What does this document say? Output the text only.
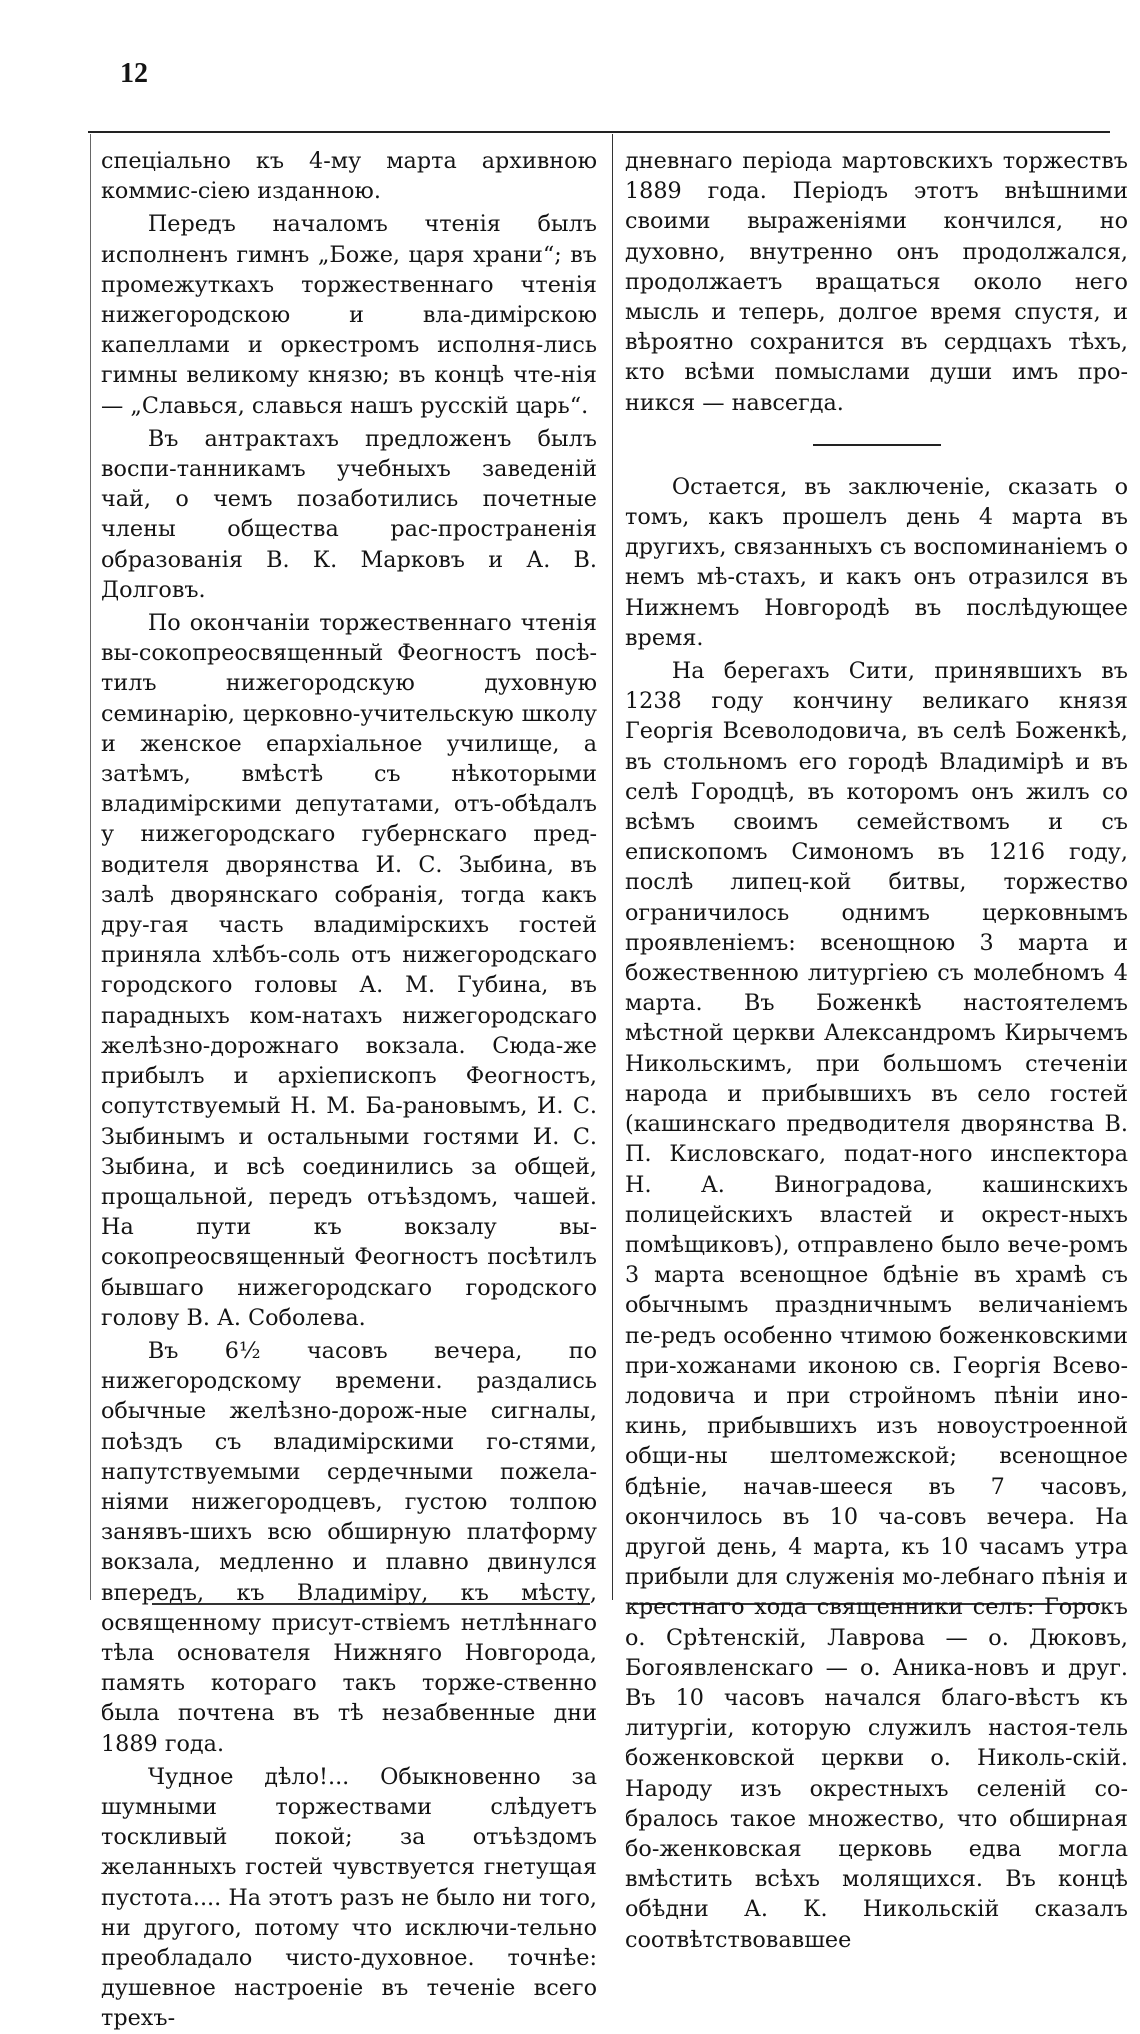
12

спеціально къ 4-му марта архивною коммис-сіею изданною.

Передъ началомъ чтенія былъ исполненъ гимнъ „Боже, царя храни“; въ промежуткахъ торжественнаго чтенія нижегородскою и вла-димірскою капеллами и оркестромъ исполня-лись гимны великому князю; въ концѣ чте-нія — „Славься, славься нашъ русскій царь“.

Въ антрактахъ предложенъ былъ воспи-танникамъ учебныхъ заведеній чай, о чемъ позаботились почетные члены общества рас-пространенія образованія В. К. Марковъ и А. В. Долговъ.

По окончаніи торжественнаго чтенія вы-сокопреосвященный Феогностъ посѣ-тилъ нижегородскую духовную семинарію, церковно-учительскую школу и женское епархіальное училище, а затѣмъ, вмѣстѣ съ нѣкоторыми владимірскими депутатами, отъ-обѣдалъ у нижегородскаго губернскаго пред-водителя дворянства И. С. Зыбина, въ залѣ дворянскаго собранія, тогда какъ дру-гая часть владимірскихъ гостей приняла хлѣбъ-соль отъ нижегородскаго городского головы А. М. Губина, въ парадныхъ ком-натахъ нижегородскаго желѣзно-дорожнаго вокзала. Сюда-же прибылъ и архіепископъ Феогностъ, сопутствуемый Н. М. Ба-рановымъ, И. С. Зыбинымъ и остальными гостями И. С. Зыбина, и всѣ соединились за общей, прощальной, передъ отъѣздомъ, чашей. На пути къ вокзалу вы-сокопреосвященный Феогностъ посѣтилъ бывшаго нижегородскаго городского голову В. А. Соболева.

Въ 6½ часовъ вечера, по нижегородскому времени. раздались обычные желѣзно-дорож-ные сигналы, поѣздъ съ владимірскими го-стями, напутствуемыми сердечными пожела-ніями нижегородцевъ, густою толпою занявъ-шихъ всю обширную платформу вокзала, медленно и плавно двинулся впередъ, къ Владиміру, къ мѣсту, освященному присут-ствіемъ нетлѣннаго тѣла основателя Нижняго Новгорода, память котораго такъ торже-ственно была почтена въ тѣ незабвенные дни 1889 года.

Чудное дѣло!... Обыкновенно за шумными торжествами слѣдуетъ тоскливый покой; за отъѣздомъ желанныхъ гостей чувствуется гнетущая пустота.... На этотъ разъ не было ни того, ни другого, потому что исключи-тельно преобладало чисто-духовное. точнѣе: душевное настроеніе въ теченіе всего трехъ-

дневнаго періода мартовскихъ торжествъ 1889 года. Періодъ этотъ внѣшними своими выраженіями кончился, но духовно, внутренно онъ продолжался, продолжаетъ вращаться около него мысль и теперь, долгое время спустя, и вѣроятно сохранится въ сердцахъ тѣхъ, кто всѣми помыслами души имъ про-никся — навсегда.

Остается, въ заключеніе, сказать о томъ, какъ прошелъ день 4 марта въ другихъ, связанныхъ съ воспоминаніемъ о немъ мѣ-стахъ, и какъ онъ отразился въ Нижнемъ Новгородѣ въ послѣдующее время.

На берегахъ Сити, принявшихъ въ 1238 году кончину великаго князя Георгія Всеволодовича, въ селѣ Боженкѣ, въ стольномъ его городѣ Владимірѣ и въ селѣ Городцѣ, въ которомъ онъ жилъ со всѣмъ своимъ семействомъ и съ епископомъ Симономъ въ 1216 году, послѣ липец-кой битвы, торжество ограничилось однимъ церковнымъ проявленіемъ: всенощною 3 марта и божественною литургіею съ молебномъ 4 марта. Въ Боженкѣ настоятелемъ мѣстной церкви Александромъ Кирычемъ Никольскимъ, при большомъ стеченіи народа и прибывшихъ въ село гостей (кашинскаго предводителя дворянства В. П. Кисловскаго, подат-ного инспектора Н. А. Виноградова, кашинскихъ полицейскихъ властей и окрест-ныхъ помѣщиковъ), отправлено было вече-ромъ 3 марта всенощное бдѣніе въ храмѣ съ обычнымъ праздничнымъ величаніемъ пе-редъ особенно чтимою боженковскими при-хожанами иконою св. Георгія Всево-лодовича и при стройномъ пѣніи ино-кинь, прибывшихъ изъ новоустроенной общи-ны шелтомежской; всенощное бдѣніе, начав-шееся въ 7 часовъ, окончилось въ 10 ча-совъ вечера. На другой день, 4 марта, къ 10 часамъ утра прибыли для служенія мо-лебнаго пѣнія и крестнаго хода священники селъ: Горокъ о. Срѣтенскій, Лаврова — о. Дюковъ, Богоявленскаго — о. Аника-новъ и друг. Въ 10 часовъ начался благо-вѣстъ къ литургіи, которую служилъ настоя-тель боженковской церкви о. Николь-скій. Народу изъ окрестныхъ селеній со-бралось такое множество, что обширная бо-женковская церковь едва могла вмѣстить всѣхъ молящихся. Въ концѣ обѣдни А. К. Никольскій сказалъ соотвѣтствовавшее
